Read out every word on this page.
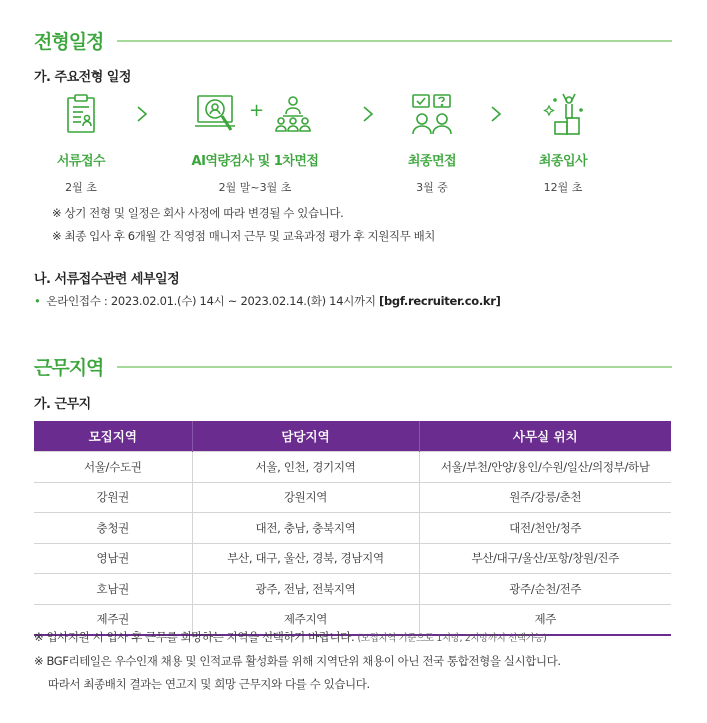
전형일정
가. 주요전형 일정
서류접수
2월 초
+
AI역량검사 및 1차면접
2월 말~3월 초
최종면접
3월 중
최종입사
12월 초
※ 상기 전형 및 일정은 회사 사정에 따라 변경될 수 있습니다.
※ 최종 입사 후 6개월 간 직영점 매니저 근무 및 교육과정 평가 후 지원직무 배치
나. 서류접수관련 세부일정
• 온라인접수 : 2023.02.01.(수) 14시 ~ 2023.02.14.(화) 14시까지 [bgf.recruiter.co.kr]
근무지역
가. 근무지
모집지역	담당지역	사무실 위치
서울/수도권	서울, 인천, 경기지역	서울/부천/안양/용인/수원/일산/의정부/하남
강원권	강원지역	원주/강릉/춘천
충청권	대전, 충남, 충북지역	대전/천안/청주
영남권	부산, 대구, 울산, 경북, 경남지역	부산/대구/울산/포항/창원/진주
호남권	광주, 전남, 전북지역	광주/순천/전주
제주권	제주지역	제주
※ 입사지원 시 입사 후 근무를 희망하는 지역을 선택하기 바랍니다. (모집지역 기준으로 1지망, 2지망까지 선택가능)
※ BGF리테일은 우수인재 채용 및 인적교류 활성화를 위해 지역단위 채용이 아닌 전국 통합전형을 실시합니다.
따라서 최종배치 결과는 연고지 및 희망 근무지와 다를 수 있습니다.
